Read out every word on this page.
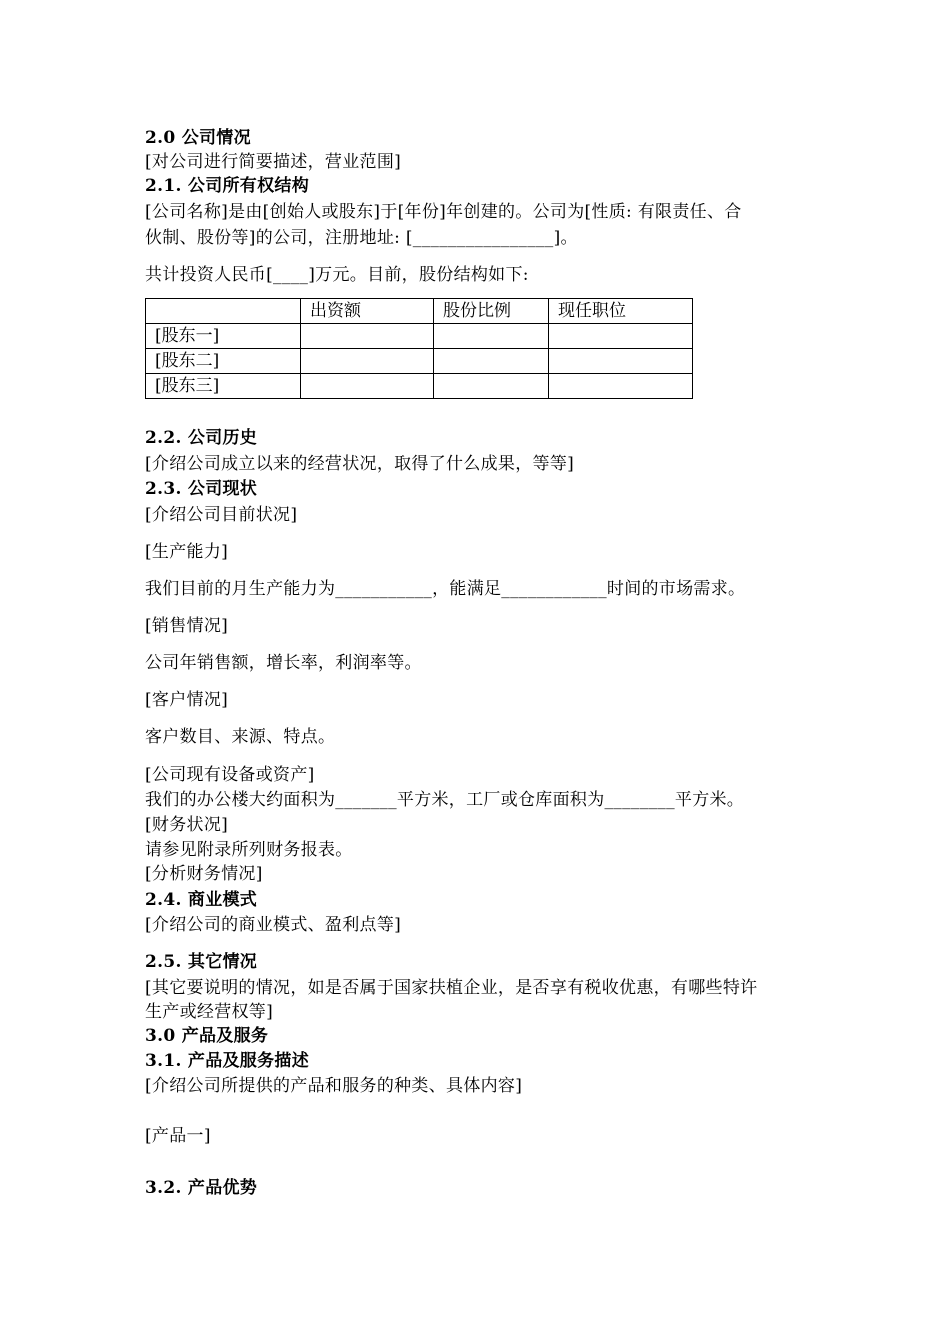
2.0 公司情况
[对公司进行简要描述，营业范围]
2.1. 公司所有权结构
[公司名称]是由[创始人或股东]于[年份]年创建的。公司为[性质: 有限责任、合
伙制、股份等]的公司，注册地址: [________________]。
共计投资人民币[____]万元。目前，股份结构如下:
	出资额	股份比例	现任职位
[股东一]			
[股东二]			
[股东三]			
2.2. 公司历史
[介绍公司成立以来的经营状况，取得了什么成果，等等]
2.3. 公司现状
[介绍公司目前状况]
[生产能力]
我们目前的月生产能力为___________，能满足____________时间的市场需求。
[销售情况]
公司年销售额，增长率，利润率等。
[客户情况]
客户数目、来源、特点。
[公司现有设备或资产]
我们的办公楼大约面积为_______平方米，工厂或仓库面积为________平方米。
[财务状况]
请参见附录所列财务报表。
[分析财务情况]
2.4. 商业模式
[介绍公司的商业模式、盈利点等]
2.5. 其它情况
[其它要说明的情况，如是否属于国家扶植企业，是否享有税收优惠，有哪些特许
生产或经营权等]
3.0 产品及服务
3.1. 产品及服务描述
[介绍公司所提供的产品和服务的种类、具体内容]
[产品一]
3.2. 产品优势
